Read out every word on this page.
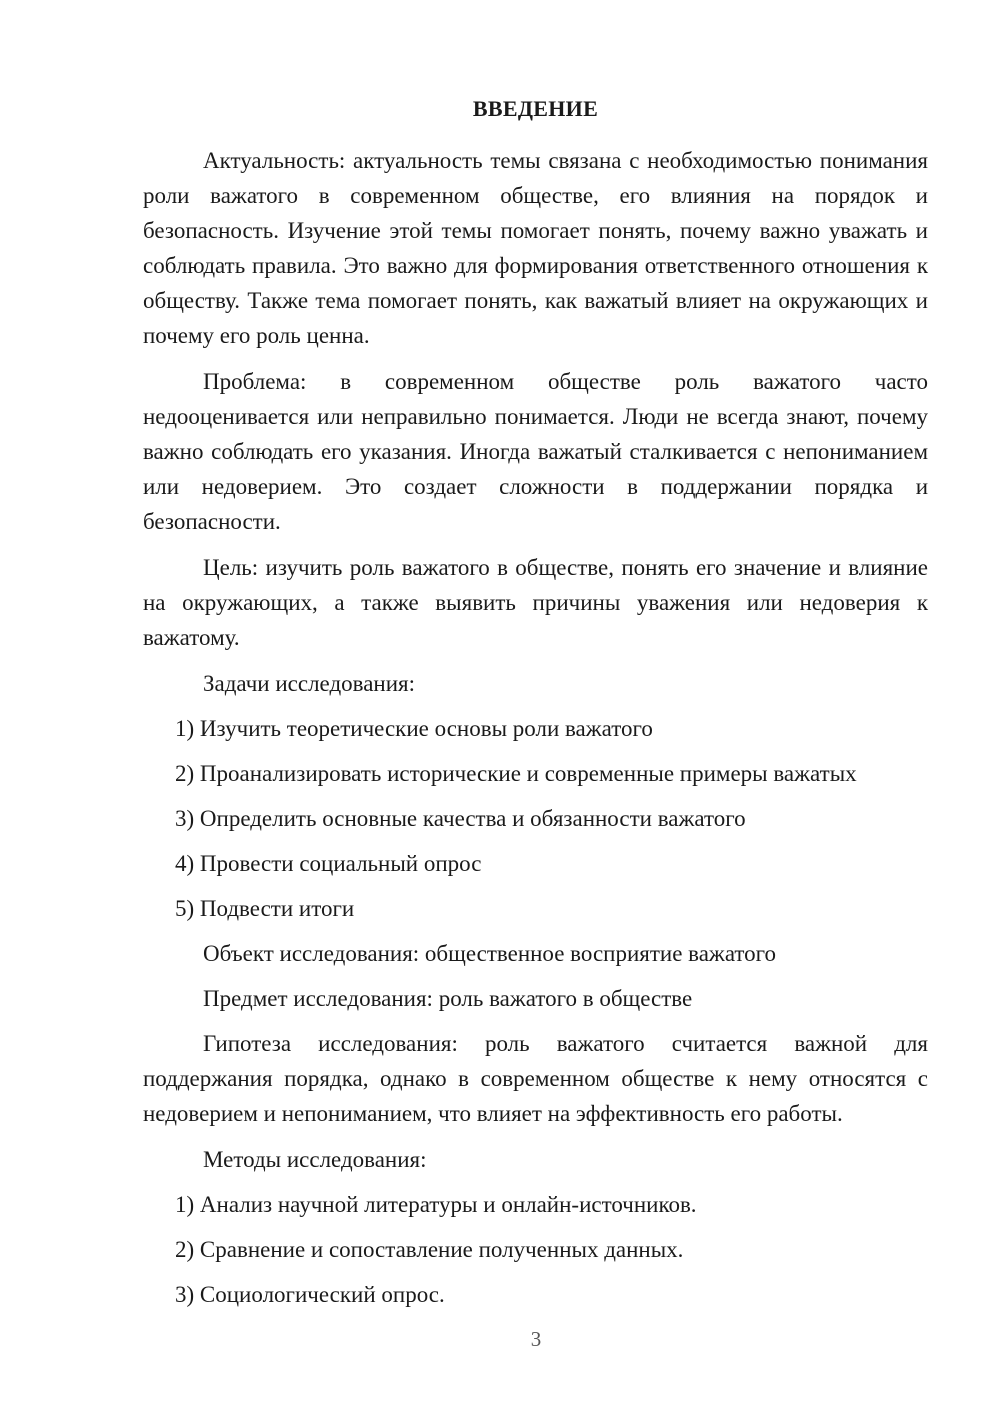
ВВЕДЕНИЕ

Актуальность: актуальность темы связана с необходимостью понимания роли важатого в современном обществе, его влияния на порядок и безопасность. Изучение этой темы помогает понять, почему важно уважать и соблюдать правила. Это важно для формирования ответственного отношения к обществу. Также тема помогает понять, как важатый влияет на окружающих и почему его роль ценна.

Проблема: в современном обществе роль важатого часто недооценивается или неправильно понимается. Люди не всегда знают, почему важно соблюдать его указания. Иногда важатый сталкивается с непониманием или недоверием. Это создает сложности в поддержании порядка и безопасности.

Цель: изучить роль важатого в обществе, понять его значение и влияние на окружающих, а также выявить причины уважения или недоверия к важатому.

Задачи исследования:

1) Изучить теоретические основы роли важатого
2) Проанализировать исторические и современные примеры важатых
3) Определить основные качества и обязанности важатого
4) Провести социальный опрос
5) Подвести итоги

Объект исследования: общественное восприятие важатого

Предмет исследования: роль важатого в обществе

Гипотеза исследования: роль важатого считается важной для поддержания порядка, однако в современном обществе к нему относятся с недоверием и непониманием, что влияет на эффективность его работы.

Методы исследования:

1) Анализ научной литературы и онлайн-источников.
2) Сравнение и сопоставление полученных данных.
3) Социологический опрос.
3
